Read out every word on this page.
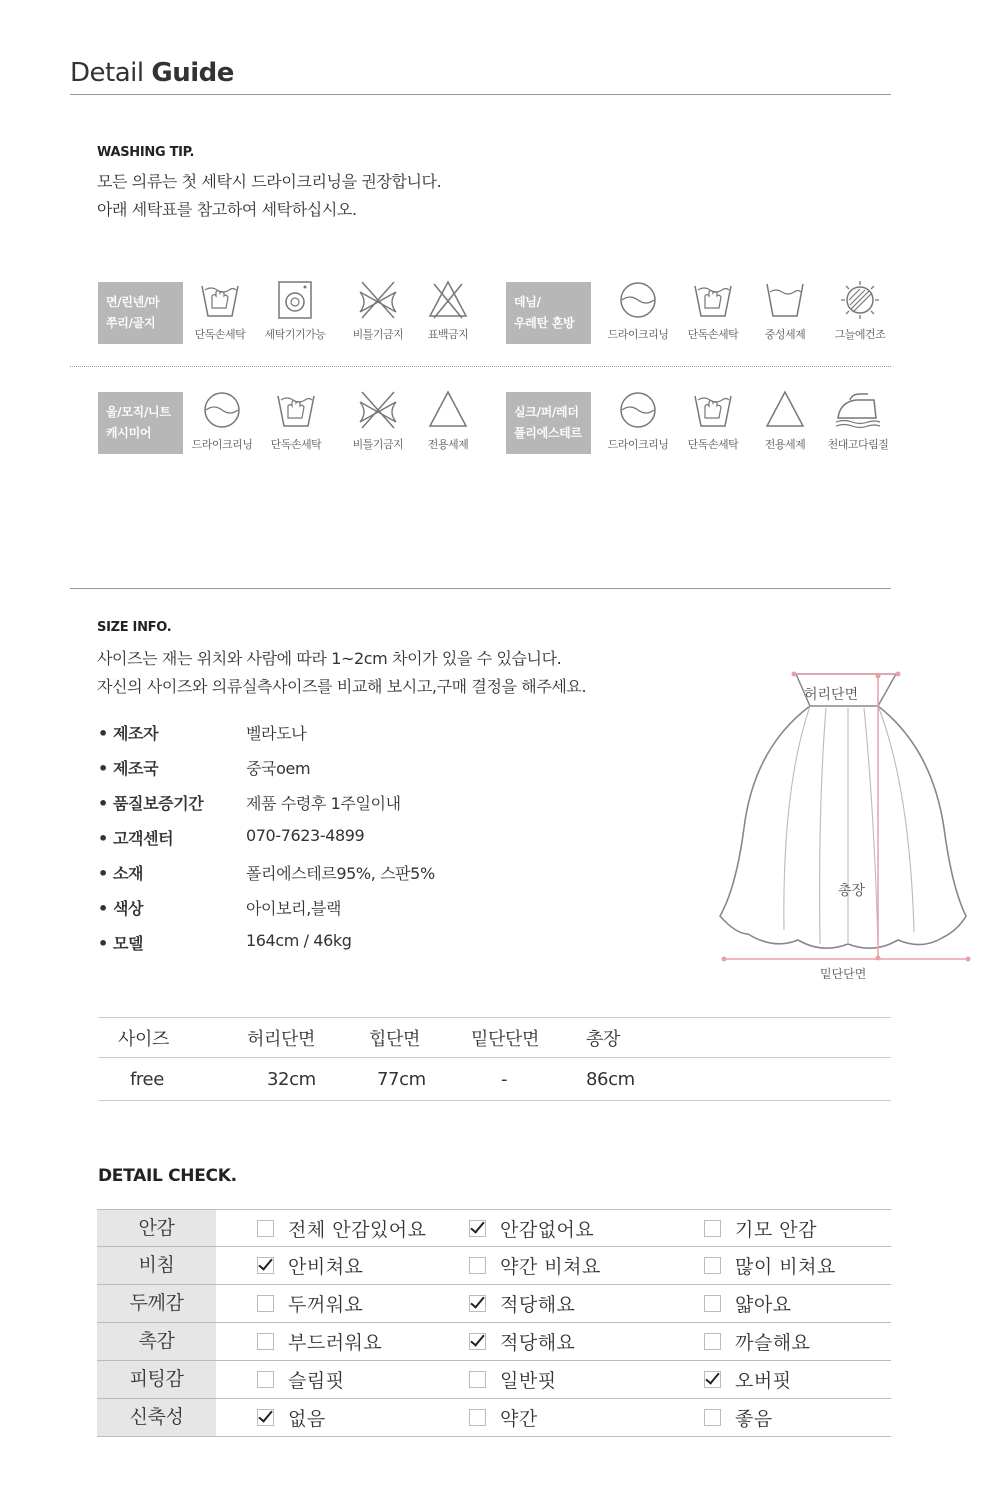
Detail Guide
WASHING TIP.
모든 의류는 첫 세탁시 드라이크리닝을 권장합니다.
아래 세탁표를 참고하여 세탁하십시오.
면/린넨/마
쭈리/골지
단독손세탁	세탁기기가능	비틀기금지	표백금지
데님/
우레탄 혼방
드라이크리닝	단독손세탁	중성세제	그늘에건조
울/모직/니트
캐시미어
드라이크리닝	단독손세탁	비틀기금지	전용세제
실크/퍼/레더
폴리에스테르
드라이크리닝	단독손세탁	전용세제	천대고다림질
SIZE INFO.
사이즈는 재는 위치와 사람에 따라 1~2cm 차이가 있을 수 있습니다.
자신의 사이즈와 의류실측사이즈를 비교해 보시고,구매 결정을 해주세요.
• 제조자	벨라도나
• 제조국	중국oem
• 품질보증기간	제품 수령후 1주일이내
• 고객센터	070-7623-4899
• 소재	폴리에스테르95%, 스판5%
• 색상	아이보리,블랙
• 모델	164cm / 46kg
허리단면
총장
밑단단면
사이즈	허리단면	힙단면	밑단단면	총장
free	32cm	77cm	-	86cm
DETAIL CHECK.
안감	전체 안감있어요	안감없어요	기모 안감
비침	안비쳐요	약간 비쳐요	많이 비쳐요
두께감	두꺼워요	적당해요	얇아요
촉감	부드러워요	적당해요	까슬해요
피팅감	슬림핏	일반핏	오버핏
신축성	없음	약간	좋음
